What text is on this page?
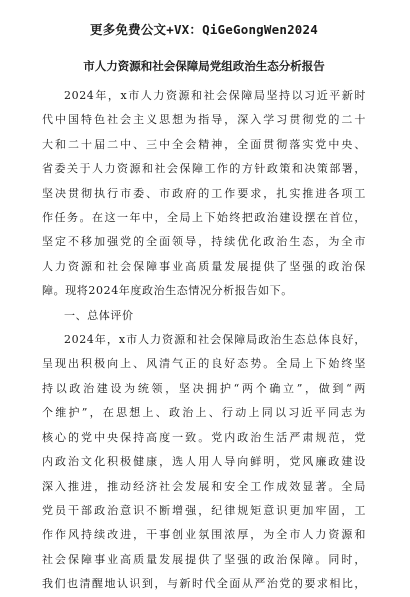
更多免费公文+VX：QiGeGongWen2024
市人力资源和社会保障局党组政治生态分析报告
2024年，x市人力资源和社会保障局坚持以习近平新时
代中国特色社会主义思想为指导，深入学习贯彻党的二十
大和二十届二中、三中全会精神，全面贯彻落实党中央、
省委关于人力资源和社会保障工作的方针政策和决策部署，
坚决贯彻执行市委、市政府的工作要求，扎实推进各项工
作任务。在这一年中，全局上下始终把政治建设摆在首位，
坚定不移加强党的全面领导，持续优化政治生态，为全市
人力资源和社会保障事业高质量发展提供了坚强的政治保
障。现将2024年度政治生态情况分析报告如下。
一、总体评价
2024年，x市人力资源和社会保障局政治生态总体良好，
呈现出积极向上、风清气正的良好态势。全局上下始终坚
持以政治建设为统领，坚决拥护“两个确立”，做到“两
个维护”，在思想上、政治上、行动上同以习近平同志为
核心的党中央保持高度一致。党内政治生活严肃规范，党
内政治文化积极健康，选人用人导向鲜明，党风廉政建设
深入推进，推动经济社会发展和安全工作成效显著。全局
党员干部政治意识不断增强，纪律规矩意识更加牢固，工
作作风持续改进，干事创业氛围浓厚，为全市人力资源和
社会保障事业高质量发展提供了坚强的政治保障。同时，
我们也清醒地认识到，与新时代全面从严治党的要求相比，
